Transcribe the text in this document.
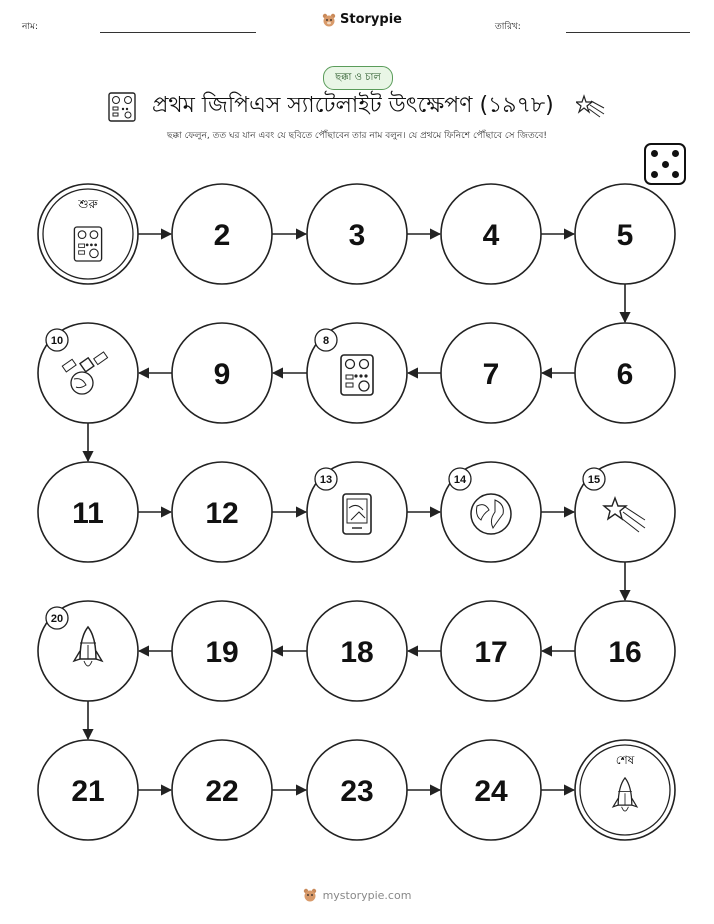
নাম:	Storypie	তারিখ:
ছক্কা ও চাল
প্রথম জিপিএস স্যাটেলাইট উৎক্ষেপণ (১৯৭৮)
ছক্কা ফেলুন, তত ঘর যান এবং যে ছবিতে পৌঁছাবেন তার নাম বলুন। যে প্রথমে ফিনিশে পৌঁছাবে সে জিতবে!
শুরু
2	3	4	5
6
7
8
9
10
11	12
13	14	15
16
17
18
19
20
21	22	23	24
শেষ
mystorypie.com
